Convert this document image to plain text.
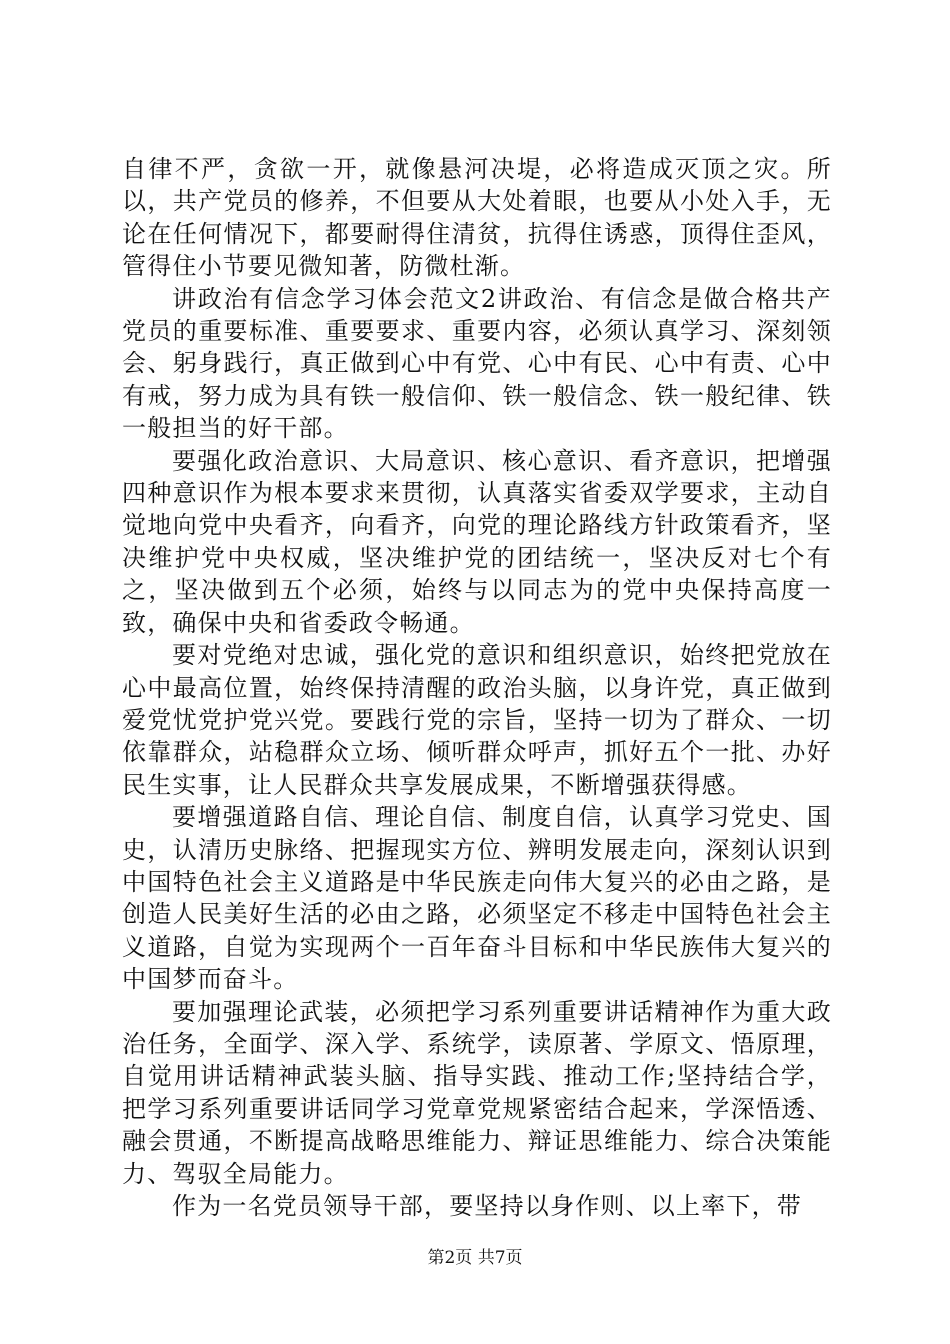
自律不严，贪欲一开，就像悬河决堤，必将造成灭顶之灾。所以，共产党员的修养，不但要从大处着眼，也要从小处入手，无论在任何情况下，都要耐得住清贫，抗得住诱惑，顶得住歪风，管得住小节要见微知著，防微杜渐。

讲政治有信念学习体会范文2讲政治、有信念是做合格共产党员的重要标准、重要要求、重要内容，必须认真学习、深刻领会、躬身践行，真正做到心中有党、心中有民、心中有责、心中有戒，努力成为具有铁一般信仰、铁一般信念、铁一般纪律、铁一般担当的好干部。

要强化政治意识、大局意识、核心意识、看齐意识，把增强四种意识作为根本要求来贯彻，认真落实省委双学要求，主动自觉地向党中央看齐，向看齐，向党的理论路线方针政策看齐，坚决维护党中央权威，坚决维护党的团结统一，坚决反对七个有之，坚决做到五个必须，始终与以同志为的党中央保持高度一致，确保中央和省委政令畅通。

要对党绝对忠诚，强化党的意识和组织意识，始终把党放在心中最高位置，始终保持清醒的政治头脑，以身许党，真正做到爱党忧党护党兴党。要践行党的宗旨，坚持一切为了群众、一切依靠群众，站稳群众立场、倾听群众呼声，抓好五个一批、办好民生实事，让人民群众共享发展成果，不断增强获得感。

要增强道路自信、理论自信、制度自信，认真学习党史、国史，认清历史脉络、把握现实方位、辨明发展走向，深刻认识到中国特色社会主义道路是中华民族走向伟大复兴的必由之路，是创造人民美好生活的必由之路，必须坚定不移走中国特色社会主义道路，自觉为实现两个一百年奋斗目标和中华民族伟大复兴的中国梦而奋斗。

要加强理论武装，必须把学习系列重要讲话精神作为重大政治任务，全面学、深入学、系统学，读原著、学原文、悟原理，自觉用讲话精神武装头脑、指导实践、推动工作;坚持结合学，把学习系列重要讲话同学习党章党规紧密结合起来，学深悟透、融会贯通，不断提高战略思维能力、辩证思维能力、综合决策能力、驾驭全局能力。

作为一名党员领导干部，要坚持以身作则、以上率下，带

第2页 共7页
